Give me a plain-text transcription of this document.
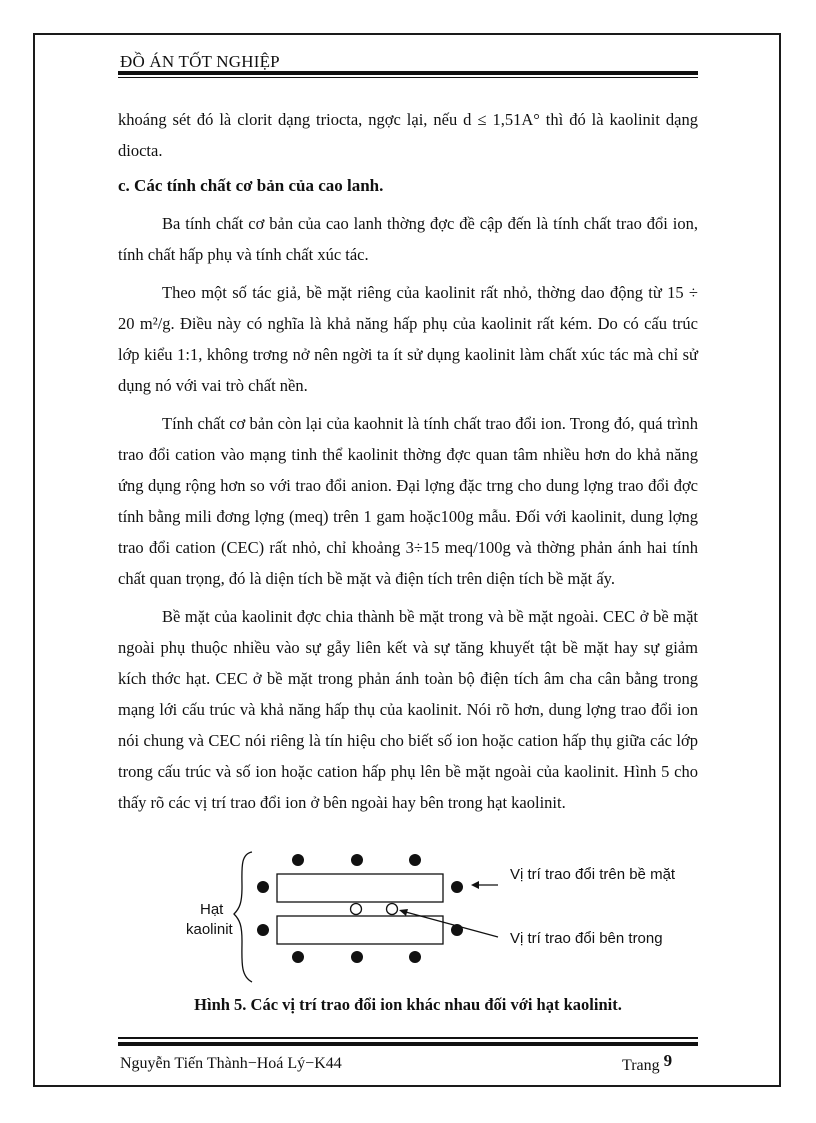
ĐỒ ÁN TỐT NGHIỆP

khoáng sét đó là clorit dạng triocta, ngợc lại, nếu d ≤ 1,51A° thì đó là kaolinit dạng diocta.

c. Các tính chất cơ bản của cao lanh.

Ba tính chất cơ bản của cao lanh thờng đợc đề cập đến là tính chất trao đổi ion, tính chất hấp phụ và tính chất xúc tác.

Theo một số tác giả, bề mặt riêng của kaolinit rất nhỏ, thờng dao động từ 15 ÷ 20 m²/g. Điều này có nghĩa là khả năng hấp phụ của kaolinit rất kém. Do có cấu trúc lớp kiểu 1:1, không trơng nở nên ngời ta ít sử dụng kaolinit làm chất xúc tác mà chỉ sử dụng nó với vai trò chất nền.

Tính chất cơ bản còn lại của kaohnit là tính chất trao đổi ion. Trong đó, quá trình trao đổi cation vào mạng tinh thể kaolinit thờng đợc quan tâm nhiều hơn do khả năng ứng dụng rộng hơn so với trao đổi anion. Đại lợng đặc trng cho dung lợng trao đổi đợc tính bằng mili đơng lợng (meq) trên 1 gam hoặc100g mẫu. Đối với kaolinit, dung lợng trao đổi cation (CEC) rất nhỏ, chỉ khoảng 3÷15 meq/100g và thờng phản ánh hai tính chất quan trọng, đó là diện tích bề mặt và điện tích trên diện tích bề mặt ấy.

Bề mặt của kaolinit đợc chia thành bề mặt trong và bề mặt ngoài. CEC ở bề mặt ngoài phụ thuộc nhiều vào sự gẫy liên kết và sự tăng khuyết tật bề mặt hay sự giảm kích thớc hạt. CEC ở bề mặt trong phản ánh toàn bộ điện tích âm cha cân bằng trong mạng lới cấu trúc và khả năng hấp thụ của kaolinit. Nói rõ hơn, dung lợng trao đổi ion nói chung và CEC nói riêng là tín hiệu cho biết số ion hoặc cation hấp thụ giữa các lớp trong cấu trúc và số ion hoặc cation hấp phụ lên bề mặt ngoài của kaolinit. Hình 5 cho thấy rõ các vị trí trao đổi ion ở bên ngoài hay bên trong hạt kaolinit.

Hạt
kaolinit
Vị trí trao đổi trên bề mặt
Vị trí trao đổi bên trong
Hình 5. Các vị trí trao đổi ion khác nhau đối với hạt kaolinit.
Nguyễn Tiến Thành−Hoá Lý−K44	Trang 9
